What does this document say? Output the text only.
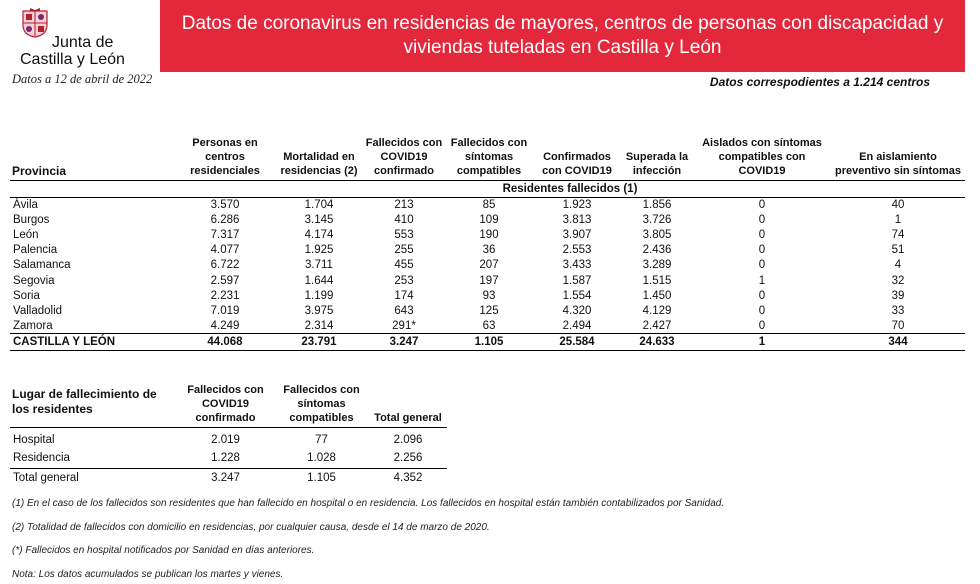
Junta de
Castilla y León
Datos a 12 de abril de 2022
Datos de coronavirus en residencias de mayores, centros de personas con discapacidad y viviendas tuteladas en Castilla y León
Datos correspodientes a 1.214 centros
Provincia	Personas en centros residenciales	Mortalidad en residencias (2)	Fallecidos con COVID19 confirmado	Fallecidos con síntomas compatibles	Confirmados con COVID19	Superada la infección	Aislados con síntomas compatibles con COVID19	En aislamiento preventivo sin síntomas
	Residentes fallecidos (1)							
Ávila	3.570	1.704	213	85	1.923	1.856	0	40
Burgos	6.286	3.145	410	109	3.813	3.726	0	1
León	7.317	4.174	553	190	3.907	3.805	0	74
Palencia	4.077	1.925	255	36	2.553	2.436	0	51
Salamanca	6.722	3.711	455	207	3.433	3.289	0	4
Segovia	2.597	1.644	253	197	1.587	1.515	1	32
Soria	2.231	1.199	174	93	1.554	1.450	0	39
Valladolid	7.019	3.975	643	125	4.320	4.129	0	33
Zamora	4.249	2.314	291*	63	2.494	2.427	0	70
CASTILLA Y LEÓN	44.068	23.791	3.247	1.105	25.584	24.633	1	344
Lugar de fallecimiento de los residentes	Fallecidos con COVID19 confirmado	Fallecidos con síntomas compatibles	Total general
Hospital	2.019	77	2.096
Residencia	1.228	1.028	2.256
Total general	3.247	1.105	4.352

(1) En el caso de los fallecidos son residentes que han fallecido en hospital o en residencia. Los fallecidos en hospital están también contabilizados por Sanidad.

(2) Totalidad de fallecidos con domicilio en residencias, por cualquier causa, desde el 14 de marzo de 2020.

(*) Fallecidos en hospital notificados por Sanidad en días anteriores.

Nota: Los datos acumulados se publican los martes y vienes.
